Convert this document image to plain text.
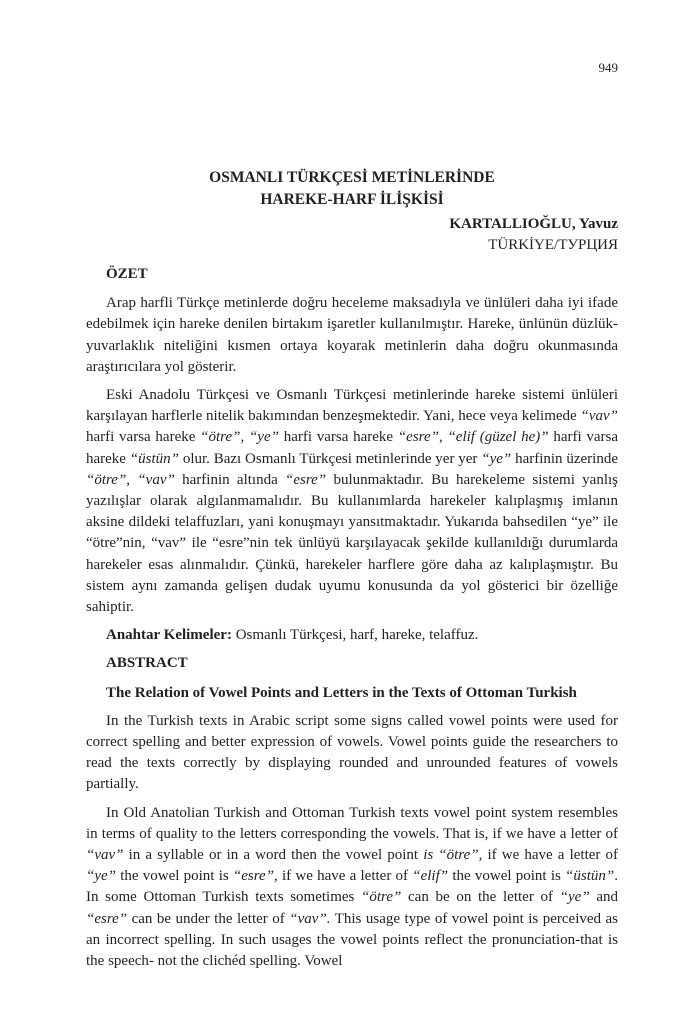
949
OSMANLI TÜRKÇESİ METİNLERİNDE
HAREKE-HARF İLİŞKİSİ
KARTALLIOĞLU, Yavuz
TÜRKİYE/ТУРЦИЯ
ÖZET

Arap harfli Türkçe metinlerde doğru heceleme maksadıyla ve ünlüleri daha iyi ifade edebilmek için hareke denilen birtakım işaretler kullanılmıştır. Hareke, ünlünün düzlük-yuvarlaklık niteliğini kısmen ortaya koyarak metinlerin daha doğru okunmasında araştırıcılara yol gösterir.

Eski Anadolu Türkçesi ve Osmanlı Türkçesi metinlerinde hareke sistemi ünlüleri karşılayan harflerle nitelik bakımından benzeşmektedir. Yani, hece veya kelimede “vav” harfi varsa hareke “ötre”, “ye” harfi varsa hareke “esre”, “elif (güzel he)” harfi varsa hareke “üstün” olur. Bazı Osmanlı Türkçesi metinlerinde yer yer “ye” harfinin üzerinde “ötre”, “vav” harfinin altında “esre” bulunmaktadır. Bu harekeleme sistemi yanlış yazılışlar olarak algılanmamalıdır. Bu kullanımlarda harekeler kalıplaşmış imlanın aksine dildeki telaffuzları, yani konuşmayı yansıtmaktadır. Yukarıda bahsedilen “ye” ile “ötre”nin, “vav” ile “esre”nin tek ünlüyü karşılayacak şekilde kullanıldığı durumlarda harekeler esas alınmalıdır. Çünkü, harekeler harflere göre daha az kalıplaşmıştır. Bu sistem aynı zamanda gelişen dudak uyumu konusunda da yol gösterici bir özelliğe sahiptir.

Anahtar Kelimeler: Osmanlı Türkçesi, harf, hareke, telaffuz.

ABSTRACT
The Relation of Vowel Points and Letters in the Texts of Ottoman Turkish

In the Turkish texts in Arabic script some signs called vowel points were used for correct spelling and better expression of vowels. Vowel points guide the researchers to read the texts correctly by displaying rounded and unrounded features of vowels partially.

In Old Anatolian Turkish and Ottoman Turkish texts vowel point system resembles in terms of quality to the letters corresponding the vowels. That is, if we have a letter of “vav” in a syllable or in a word then the vowel point is “ötre”, if we have a letter of “ye” the vowel point is “esre”, if we have a letter of “elif” the vowel point is “üstün”. In some Ottoman Turkish texts sometimes “ötre” can be on the letter of “ye” and “esre” can be under the letter of “vav”. This usage type of vowel point is perceived as an incorrect spelling. In such usages the vowel points reflect the pronunciation-that is the speech- not the clichéd spelling. Vowel
